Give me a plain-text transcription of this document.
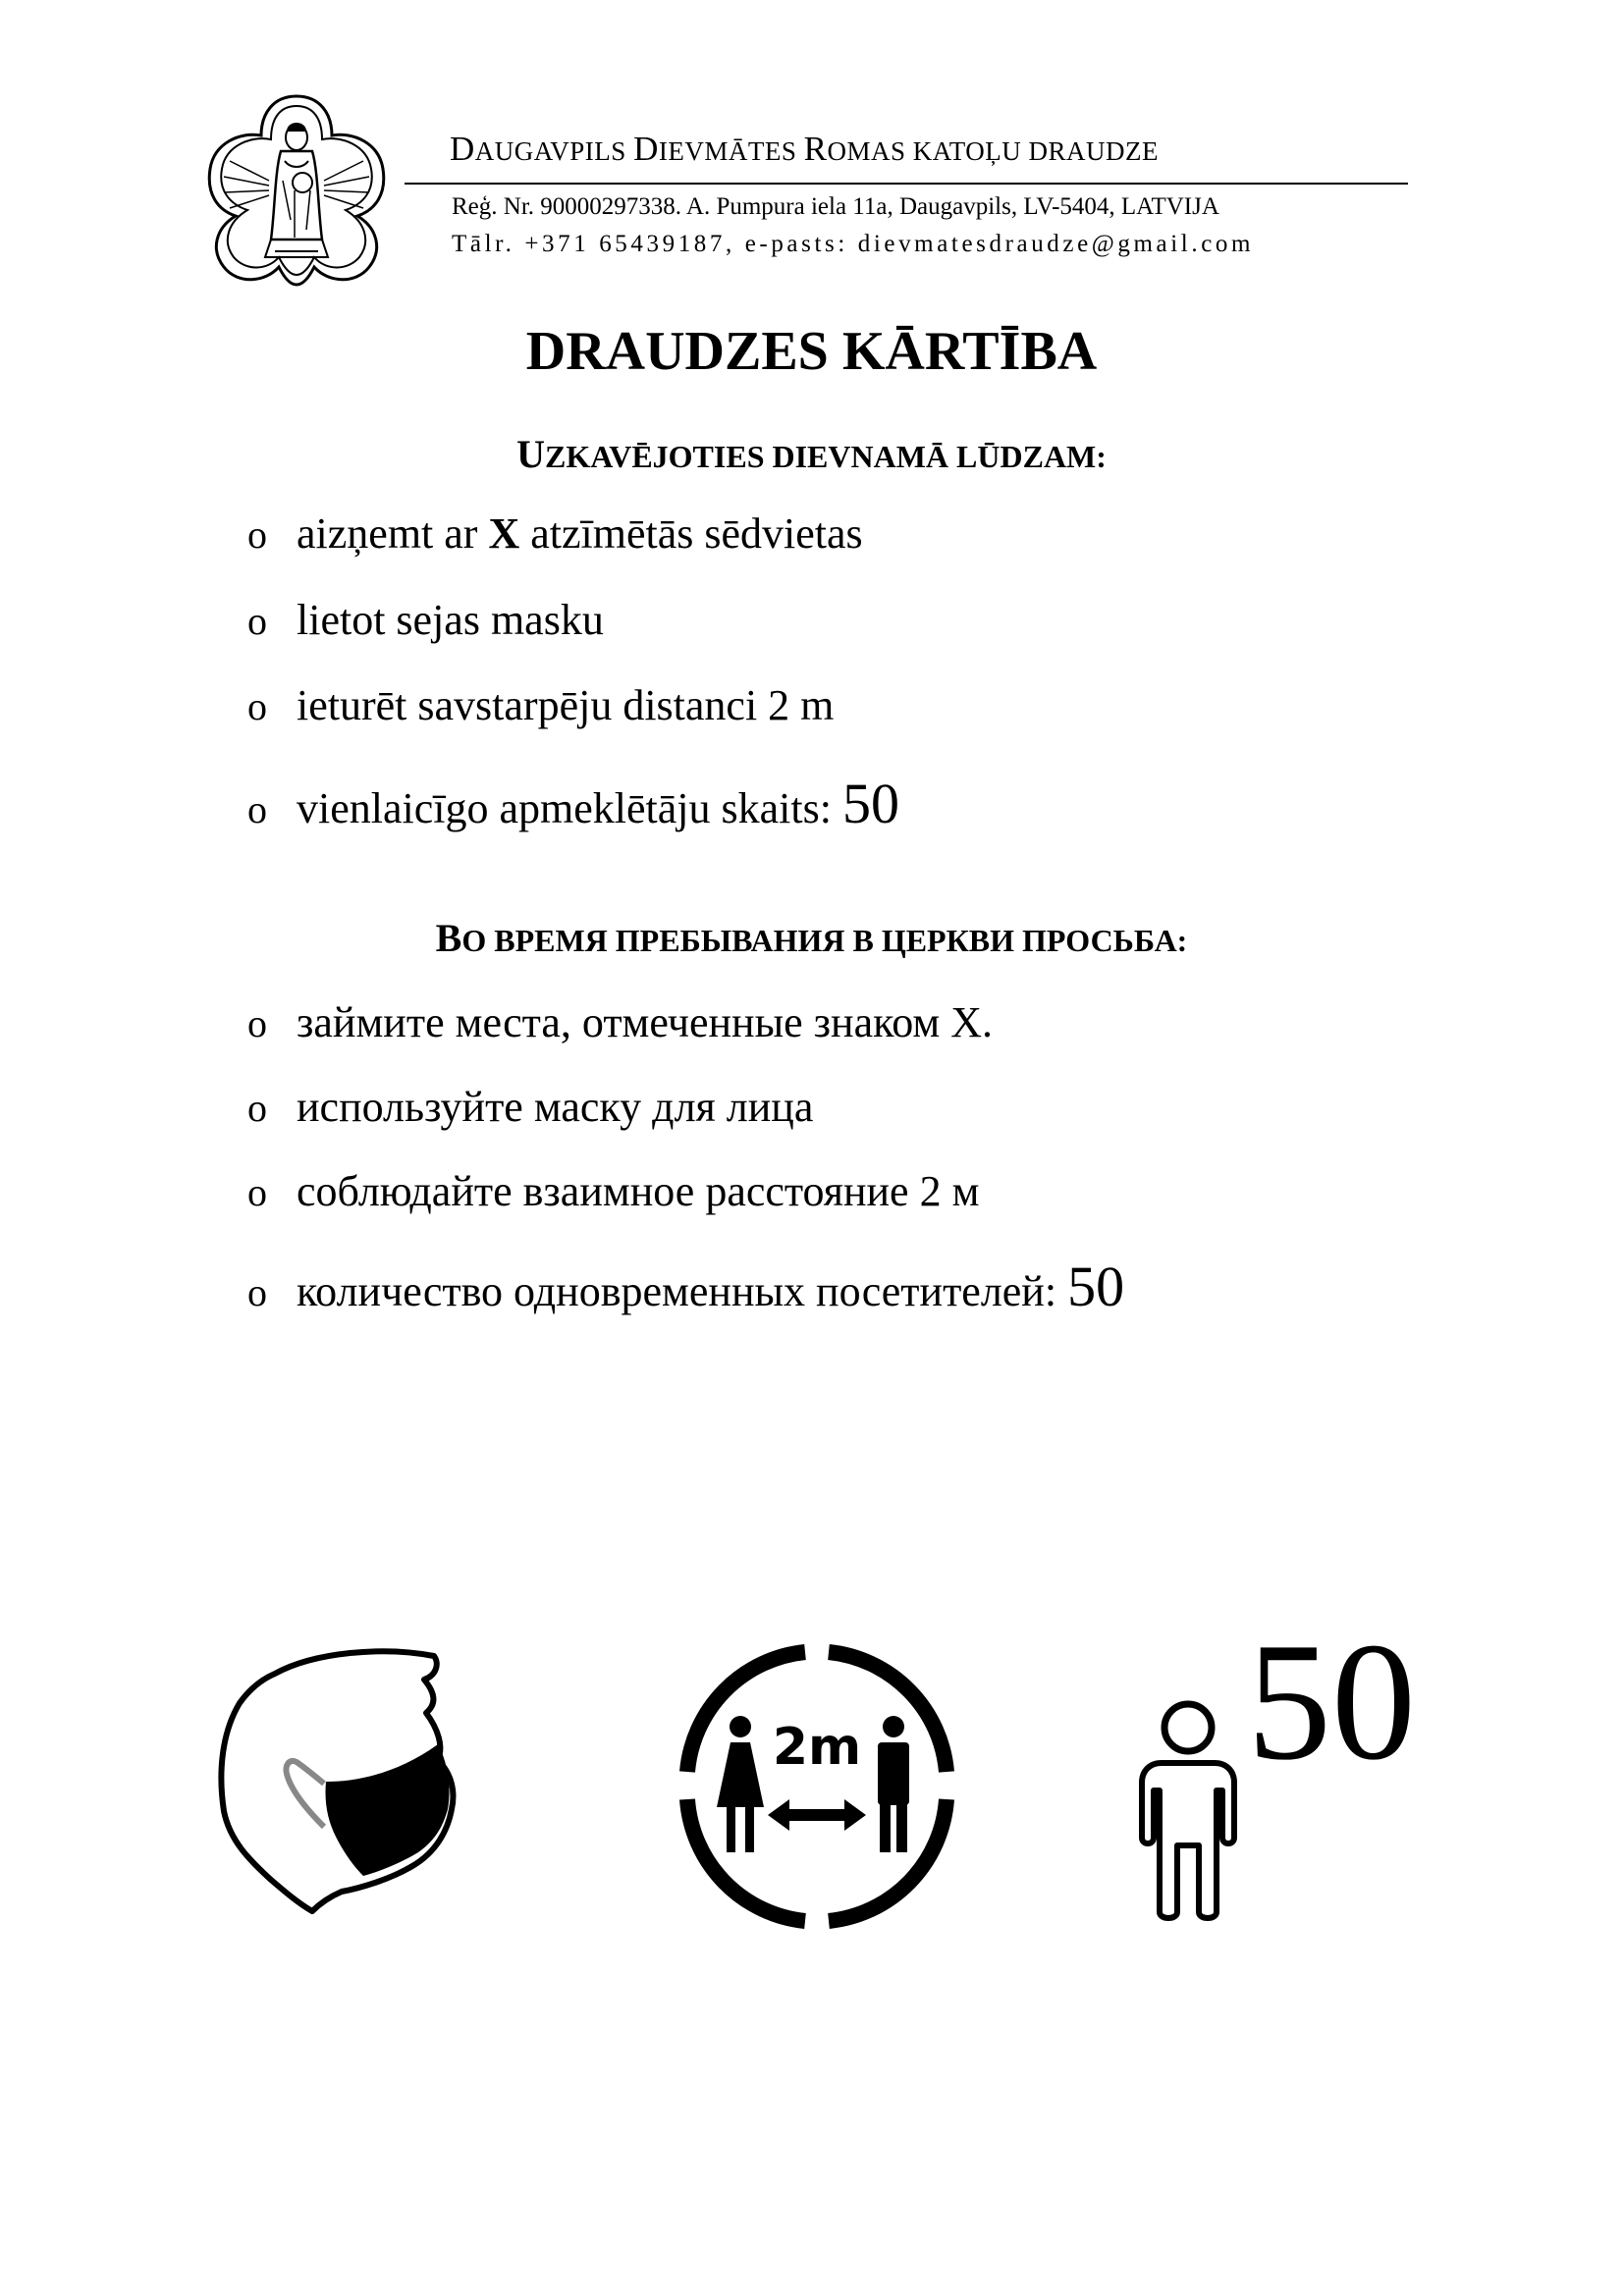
DAUGAVPILS DIEVMĀTES ROMAS KATOĻU DRAUDZE
Reģ. Nr. 90000297338. A. Pumpura iela 11a, Daugavpils, LV-5404, LATVIJA
Tālr. +371 65439187, e-pasts: dievmatesdraudze@gmail.com
DRAUDZES KĀRTĪBA
UZKAVĒJOTIES DIEVNAMĀ LŪDZAM:
o aizņemt ar X atzīmētās sēdvietas
o lietot sejas masku
o ieturēt savstarpēju distanci 2 m
o vienlaicīgo apmeklētāju skaits: 50
ВО ВРЕМЯ ПРЕБЫВАНИЯ В ЦЕРКВИ ПРОСЬБА:
o займите места, отмеченные знаком Х.
o используйте маску для лица
o соблюдайте взаимное расстояние 2 м
o количество одновременных посетителей: 50
2m 50
